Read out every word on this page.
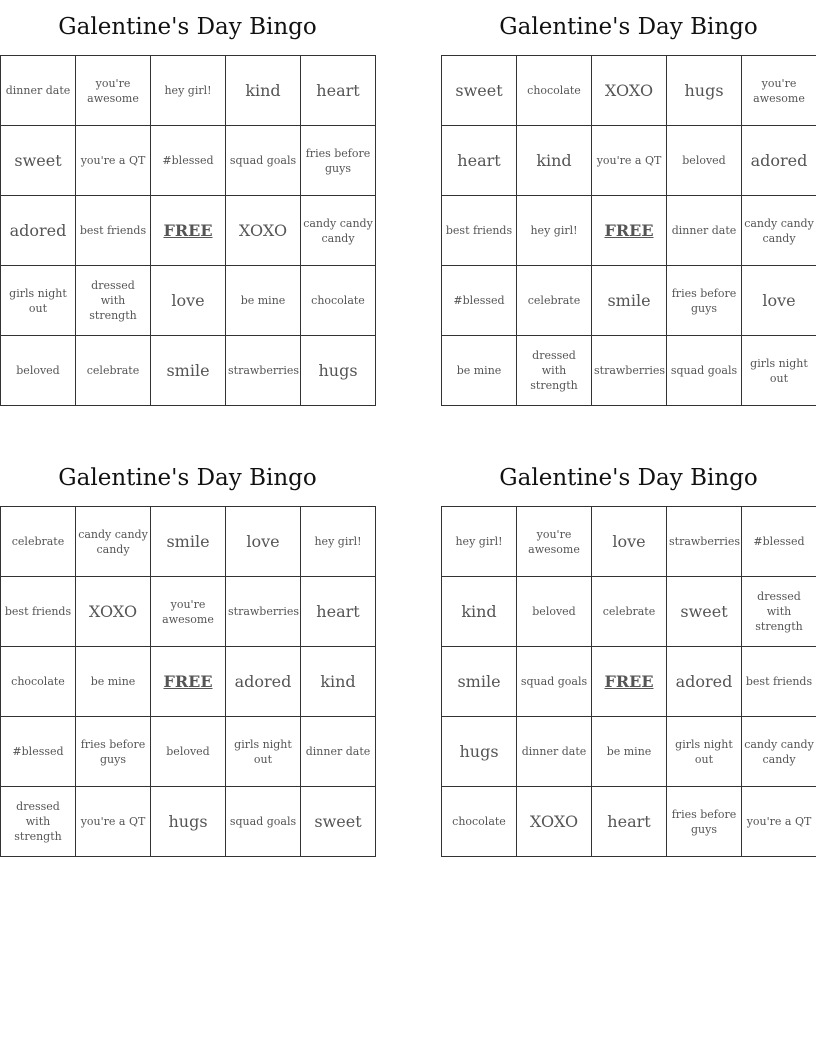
Galentine's Day Bingo
dinner date	you're awesome	hey girl!	kind	heart
sweet	you're a QT	#blessed	squad goals	fries before guys
adored	best friends	FREE	XOXO	candy candy candy
girls night out	dressed with strength	love	be mine	chocolate
beloved	celebrate	smile	strawberries	hugs
Galentine's Day Bingo
sweet	chocolate	XOXO	hugs	you're awesome
heart	kind	you're a QT	beloved	adored
best friends	hey girl!	FREE	dinner date	candy candy candy
#blessed	celebrate	smile	fries before guys	love
be mine	dressed with strength	strawberries	squad goals	girls night out
Galentine's Day Bingo
celebrate	candy candy candy	smile	love	hey girl!
best friends	XOXO	you're awesome	strawberries	heart
chocolate	be mine	FREE	adored	kind
#blessed	fries before guys	beloved	girls night out	dinner date
dressed with strength	you're a QT	hugs	squad goals	sweet
Galentine's Day Bingo
hey girl!	you're awesome	love	strawberries	#blessed
kind	beloved	celebrate	sweet	dressed with strength
smile	squad goals	FREE	adored	best friends
hugs	dinner date	be mine	girls night out	candy candy candy
chocolate	XOXO	heart	fries before guys	you're a QT
